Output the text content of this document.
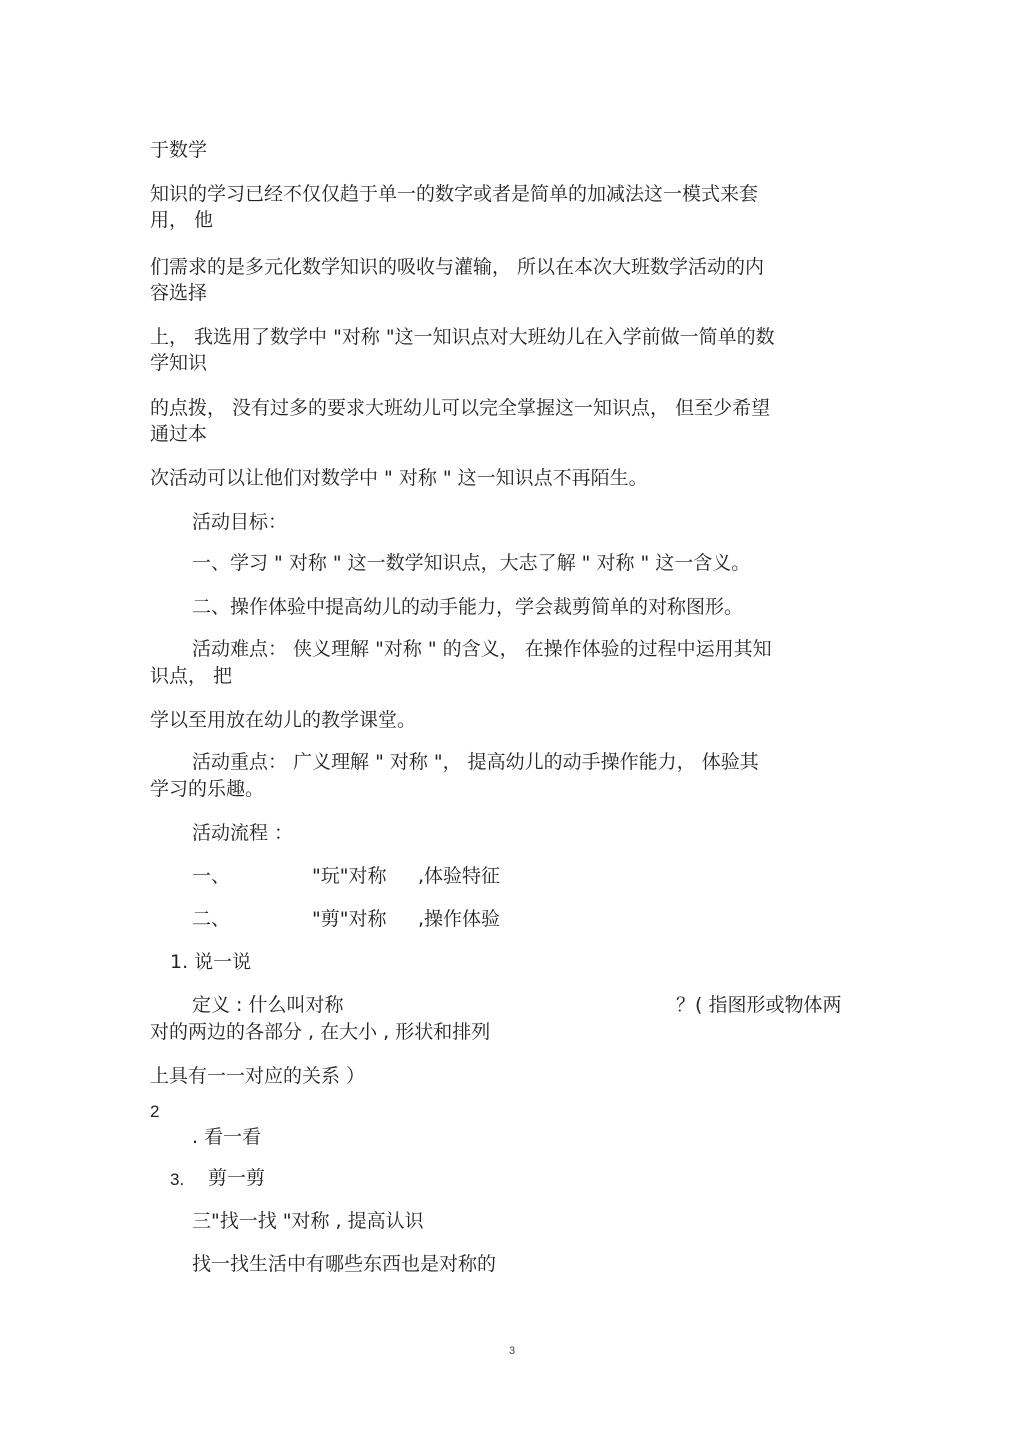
于数学

知识的学习已经不仅仅趋于单一的数字或者是简单的加减法这一模式来套

用， 他

们需求的是多元化数学知识的吸收与灌输， 所以在本次大班数学活动的内

容选择

上， 我选用了数学中 "对称 "这一知识点对大班幼儿在入学前做一简单的数

学知识

的点拨， 没有过多的要求大班幼儿可以完全掌握这一知识点， 但至少希望

通过本

次活动可以让他们对数学中 " 对称 " 这一知识点不再陌生。

活动目标：

一、学习 " 对称 " 这一数学知识点，大志了解 " 对称 " 这一含义。

二、操作体验中提高幼儿的动手能力，学会裁剪简单的对称图形。

活动难点： 侠义理解 "对称 " 的含义， 在操作体验的过程中运用其知

识点， 把

学以至用放在幼儿的教学课堂。

活动重点： 广义理解 " 对称 "， 提高幼儿的动手操作能力， 体验其

学习的乐趣。

活动流程 ：

一、	"玩"对称 ,体验特征

二、	"剪"对称 ,操作体验

1. 说一说

定义 : 什么叫对称	？( 指图形或物体两

对的两边的各部分 , 在大小 , 形状和排列

上具有一一对应的关系 ）

2

. 看一看

3. 剪一剪

三"找一找 "对称 , 提高认识

找一找生活中有哪些东西也是对称的

3
